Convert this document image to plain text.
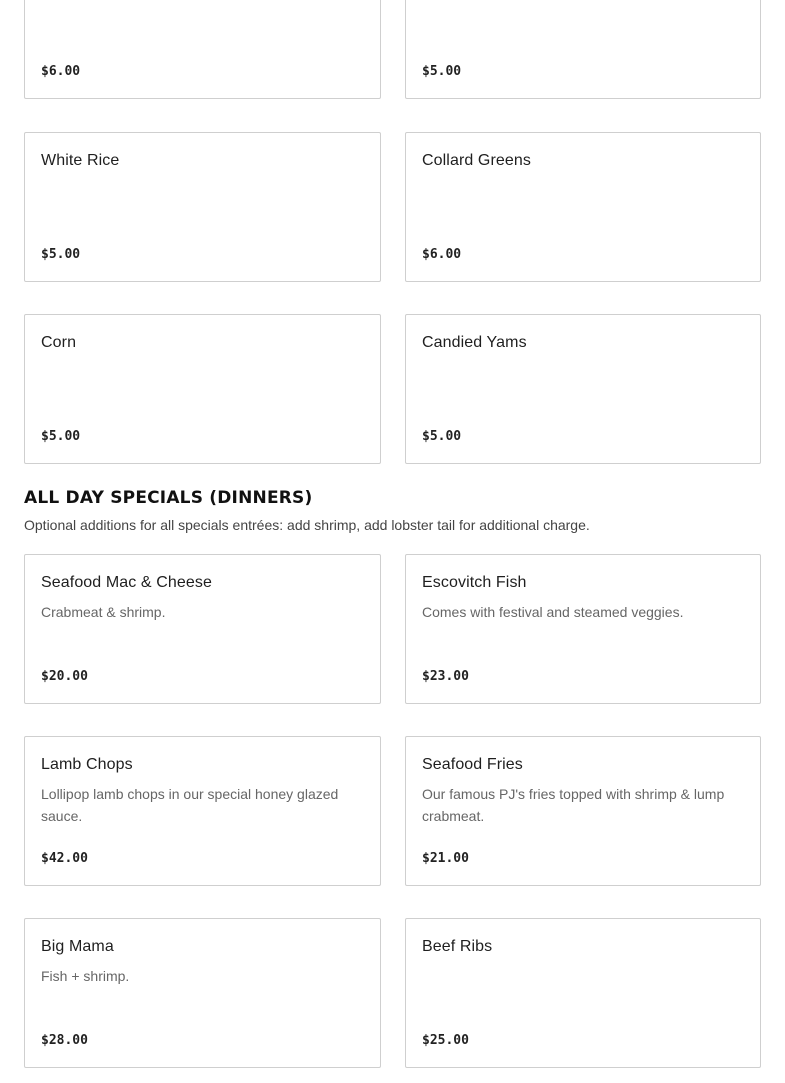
$6.00	$5.00
White Rice
$5.00
Collard Greens
$6.00
Corn
$5.00
Candied Yams
$5.00
ALL DAY SPECIALS (DINNERS)
Optional additions for all specials entrées: add shrimp, add lobster tail for additional charge.
Seafood Mac & Cheese
Crabmeat & shrimp.
$20.00
Escovitch Fish
Comes with festival and steamed veggies.
$23.00
Lamb Chops
Lollipop lamb chops in our special honey glazed sauce.
$42.00
Seafood Fries
Our famous PJ's fries topped with shrimp & lump crabmeat.
$21.00
Big Mama
Fish + shrimp.
$28.00
Beef Ribs
$25.00
